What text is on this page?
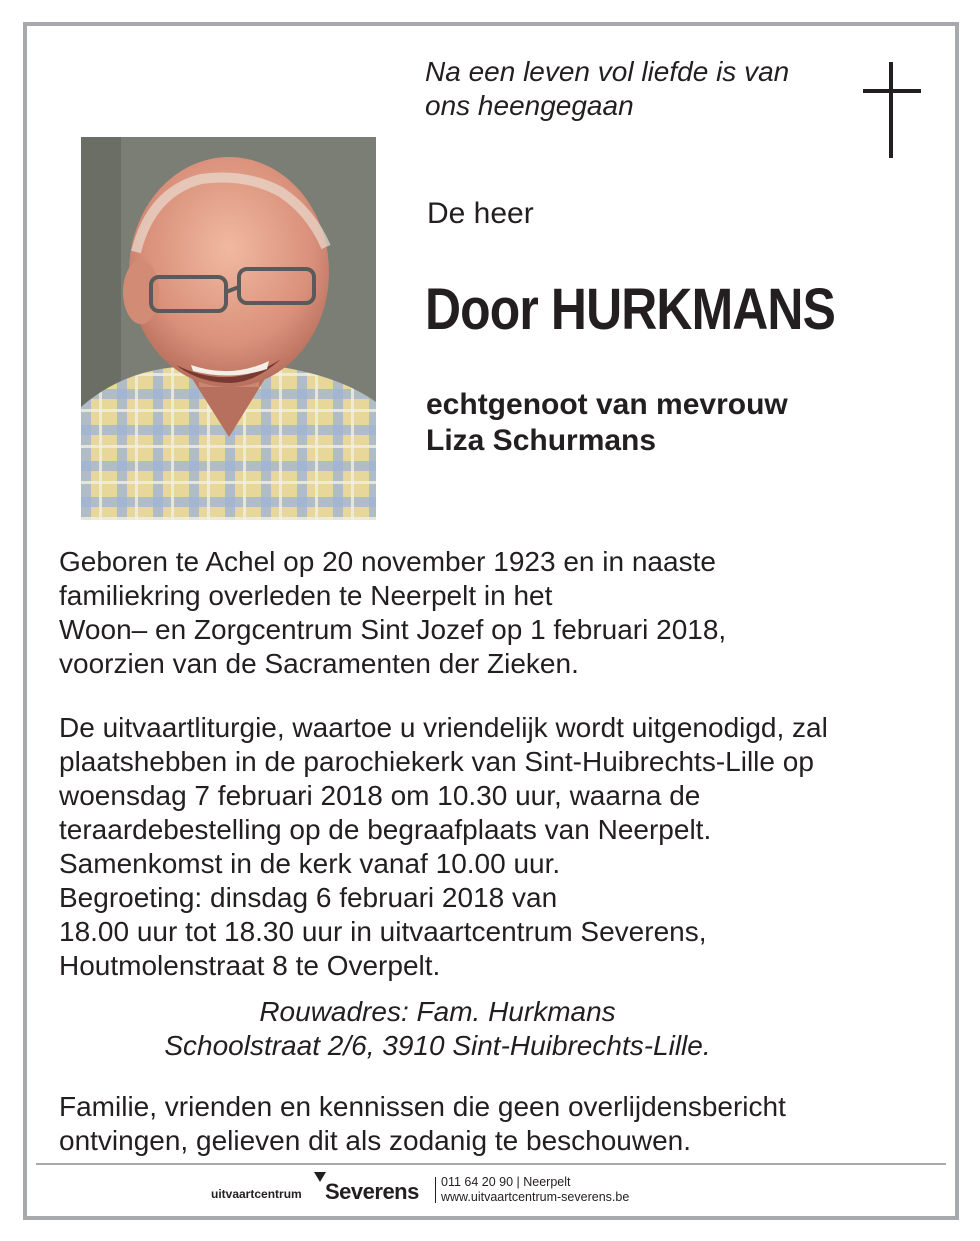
Na een leven vol liefde is van
ons heengegaan
De heer
Door HURKMANS
echtgenoot van mevrouw
Liza Schurmans
Geboren te Achel op 20 november 1923 en in naaste
familiekring overleden te Neerpelt in het
Woon– en Zorgcentrum Sint Jozef op 1 februari 2018,
voorzien van de Sacramenten der Zieken.
De uitvaartliturgie, waartoe u vriendelijk wordt uitgenodigd, zal
plaatshebben in de parochiekerk van Sint-Huibrechts-Lille op
woensdag 7 februari 2018 om 10.30 uur, waarna de
teraardebestelling op de begraafplaats van Neerpelt.
Samenkomst in de kerk vanaf 10.00 uur.
Begroeting: dinsdag 6 februari 2018 van
18.00 uur tot 18.30 uur in uitvaartcentrum Severens,
Houtmolenstraat 8 te Overpelt.
Rouwadres: Fam. Hurkmans
Schoolstraat 2/6, 3910 Sint-Huibrechts-Lille.
Familie, vrienden en kennissen die geen overlijdensbericht
ontvingen, gelieven dit als zodanig te beschouwen.
uitvaartcentrum Severens 011 64 20 90 | Neerpelt
www.uitvaartcentrum-severens.be
